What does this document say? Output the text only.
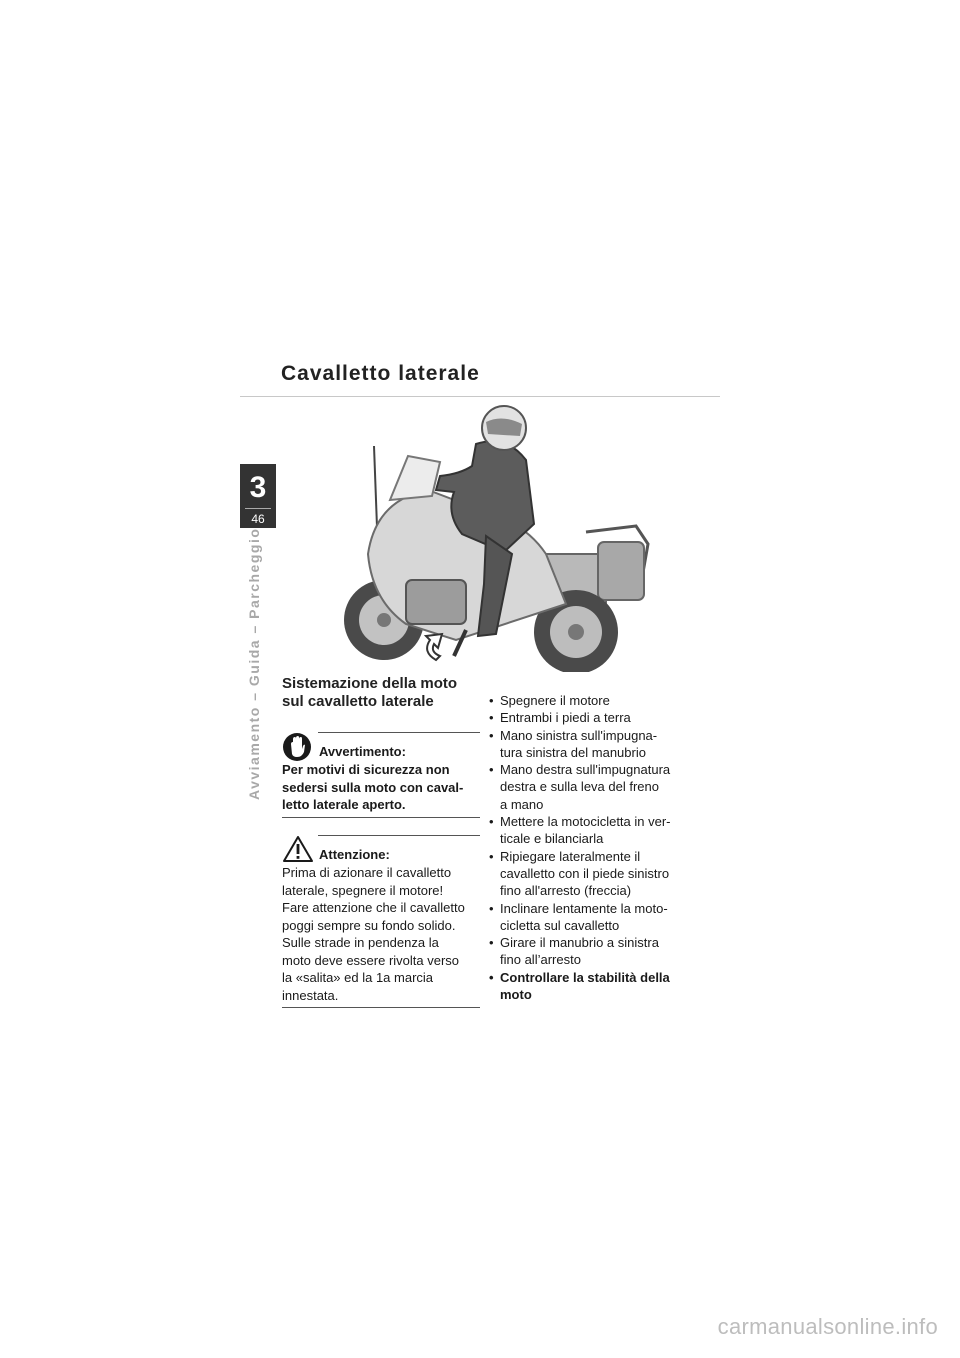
Cavalletto laterale
3
46
Avviamento – Guida – Parcheggio	Sistemazione della moto
sul cavalletto laterale
Avvertimento:

Per motivi di sicurezza non
sedersi sulla moto con caval-
letto laterale aperto.

Attenzione:

Prima di azionare il cavalletto
laterale, spegnere il motore!
Fare attenzione che il cavalletto
poggi sempre su fondo solido.
Sulle strade in pendenza la
moto deve essere rivolta verso
la «salita» ed la 1a marcia
innestata.

• Spegnere il motore
• Entrambi i piedi a terra
• Mano sinistra sull'impugna-
tura sinistra del manubrio
• Mano destra sull'impugnatura
destra e sulla leva del freno
a mano
• Mettere la motocicletta in ver-
ticale e bilanciarla
• Ripiegare lateralmente il
cavalletto con il piede sinistro
fino all'arresto (freccia)
• Inclinare lentamente la moto-
cicletta sul cavalletto
• Girare il manubrio a sinistra
fino all’arresto
• Controllare la stabilità della
moto
carmanualsonline.info
